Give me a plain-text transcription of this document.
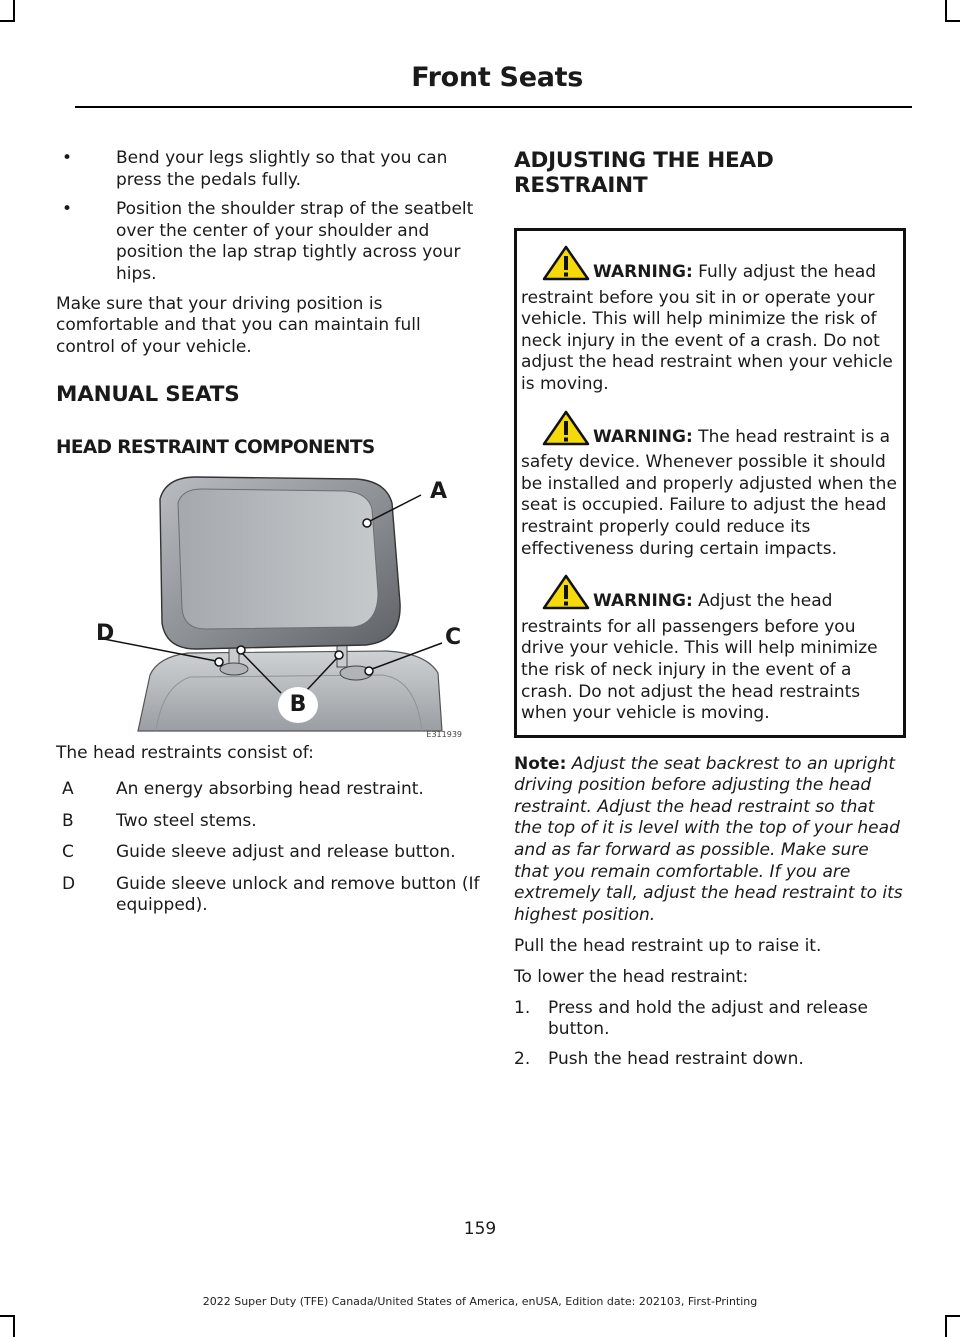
Front Seats
•	Bend your legs slightly so that you can press the pedals fully.
•	Position the shoulder strap of the seatbelt over the center of your shoulder and position the lap strap tightly across your hips.

Make sure that your driving position is comfortable and that you can maintain full control of your vehicle.

MANUAL SEATS
HEAD RESTRAINT COMPONENTS
A
D	C
B
E311939

The head restraints consist of:

A	An energy absorbing head restraint.
B	Two steel stems.
C	Guide sleeve adjust and release button.
D	Guide sleeve unlock and remove button (If equipped).
ADJUSTING THE HEAD RESTRAINT
WARNING: Fully adjust the head restraint before you sit in or operate your vehicle. This will help minimize the risk of neck injury in the event of a crash. Do not adjust the head restraint when your vehicle is moving.
WARNING: The head restraint is a safety device. Whenever possible it should be installed and properly adjusted when the seat is occupied. Failure to adjust the head restraint properly could reduce its effectiveness during certain impacts.
WARNING: Adjust the head restraints for all passengers before you drive your vehicle. This will help minimize the risk of neck injury in the event of a crash. Do not adjust the head restraints when your vehicle is moving.

Note: Adjust the seat backrest to an upright driving position before adjusting the head restraint. Adjust the head restraint so that the top of it is level with the top of your head and as far forward as possible. Make sure that you remain comfortable. If you are extremely tall, adjust the head restraint to its highest position.

Pull the head restraint up to raise it.

To lower the head restraint:

1. Press and hold the adjust and release button.
2. Push the head restraint down.
159
2022 Super Duty (TFE) Canada/United States of America, enUSA, Edition date: 202103, First-Printing
